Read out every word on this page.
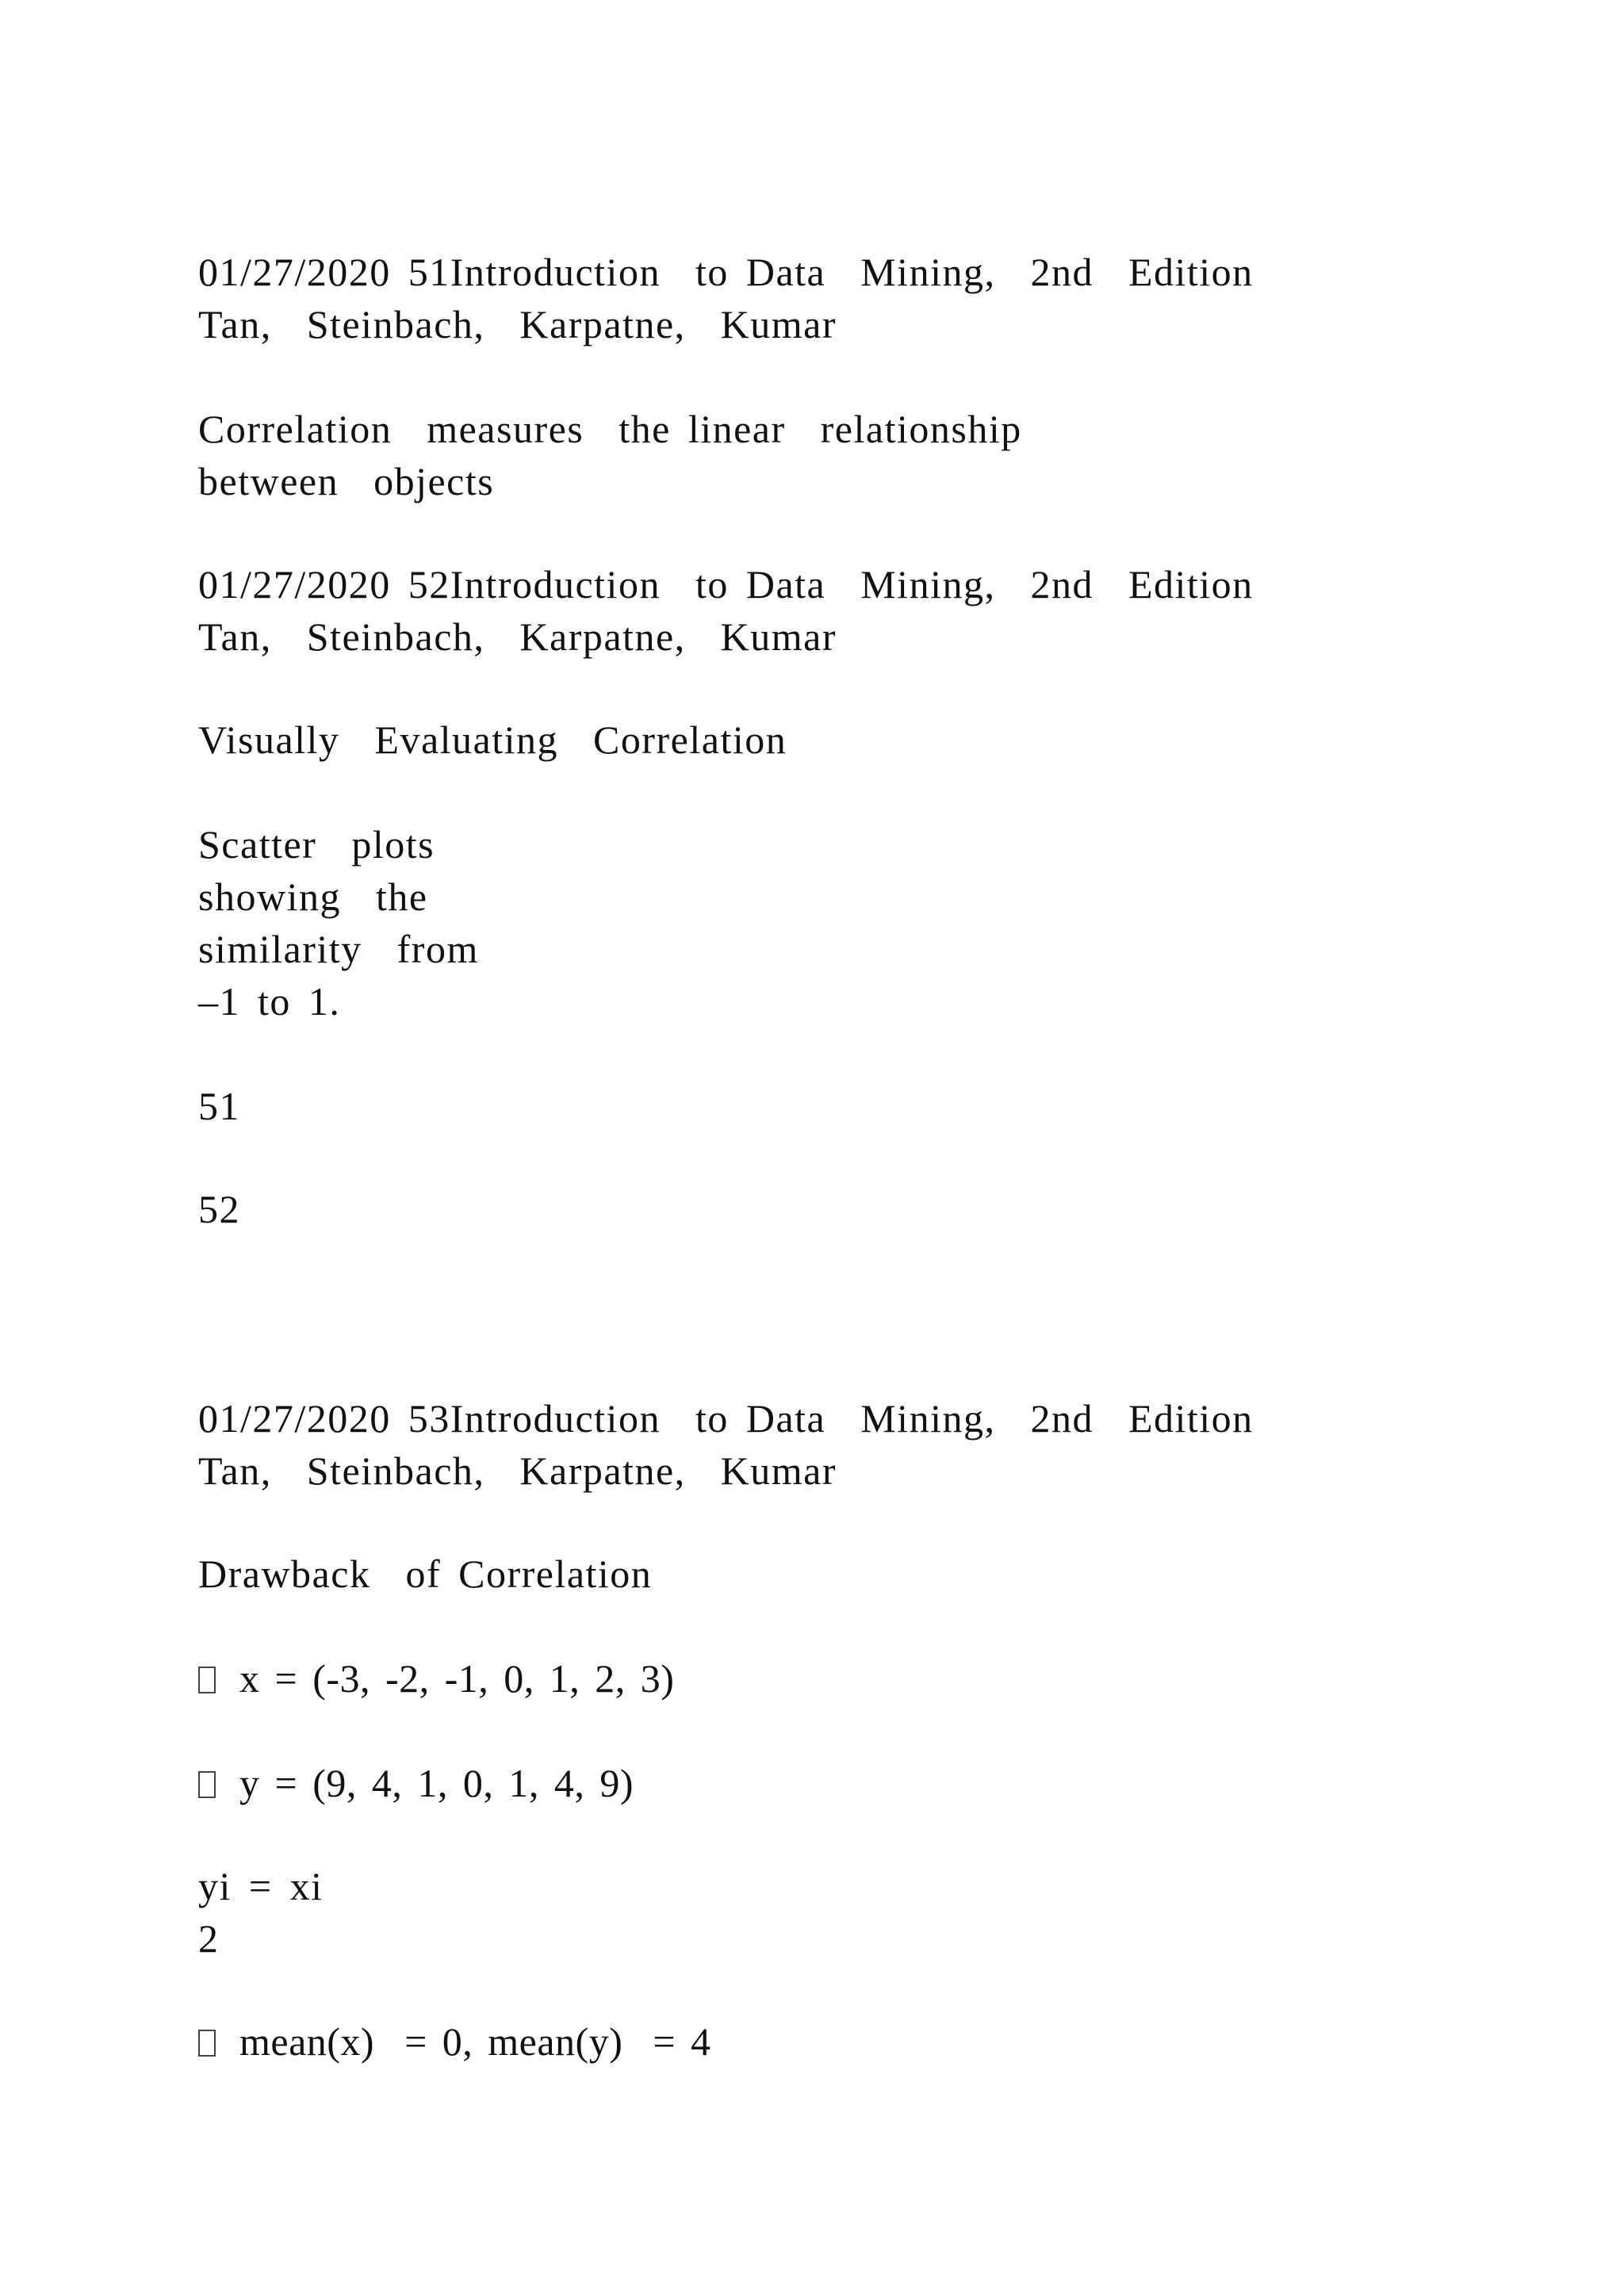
01/27/2020 51Introduction  to Data  Mining,  2nd  Edition

Tan,  Steinbach,  Karpatne,  Kumar

Correlation  measures  the linear  relationship

between  objects

01/27/2020 52Introduction  to Data  Mining,  2nd  Edition

Tan,  Steinbach,  Karpatne,  Kumar

Visually  Evaluating  Correlation

Scatter  plots

showing  the

similarity  from

–1 to 1.

51

52

01/27/2020 53Introduction  to Data  Mining,  2nd  Edition

Tan,  Steinbach,  Karpatne,  Kumar

Drawback  of Correlation

x = (-3, -2, -1, 0, 1, 2, 3)

y = (9, 4, 1, 0, 1, 4, 9)

yi = xi

2

mean(x)  = 0, mean(y)  = 4
